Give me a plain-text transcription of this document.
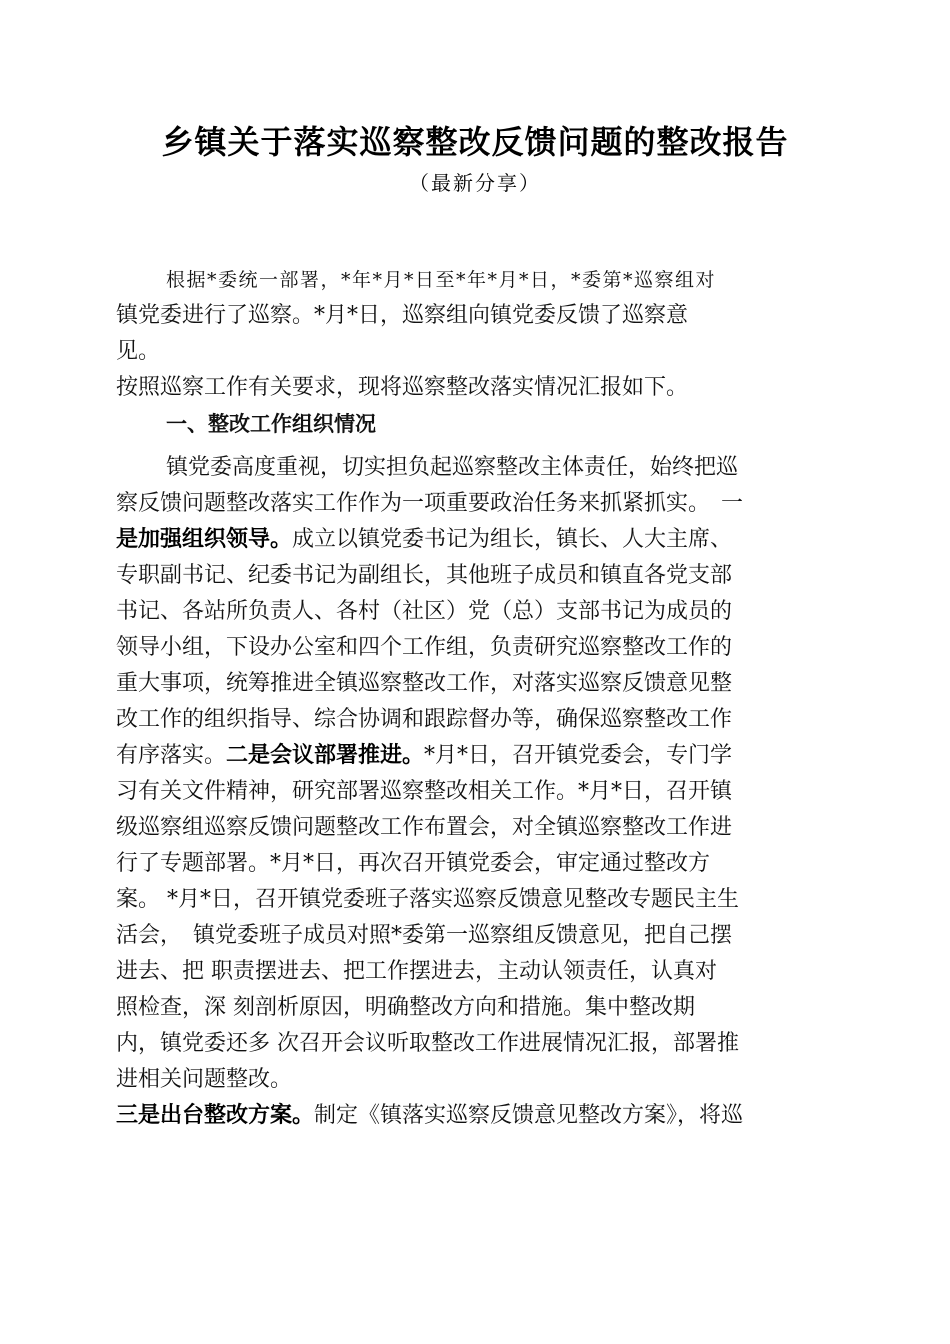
乡镇关于落实巡察整改反馈问题的整改报告
（最新分享）
根据*委统一部署，*年*月*日至*年*月*日，*委第*巡察组对
镇党委进行了巡察。*月*日，巡察组向镇党委反馈了巡察意
见。
按照巡察工作有关要求，现将巡察整改落实情况汇报如下。
一、整改工作组织情况
镇党委高度重视，切实担负起巡察整改主体责任，始终把巡
察反馈问题整改落实工作作为一项重要政治任务来抓紧抓实。　一
是加强组织领导。成立以镇党委书记为组长，镇长、人大主席、
专职副书记、纪委书记为副组长，其他班子成员和镇直各党支部
书记、各站所负责人、各村（社区）党（总）支部书记为成员的
领导小组，下设办公室和四个工作组，负责研究巡察整改工作的
重大事项，统筹推进全镇巡察整改工作，对落实巡察反馈意见整
改工作的组织指导、综合协调和跟踪督办等，确保巡察整改工作
有序落实。二是会议部署推进。*月*日，召开镇党委会，专门学
习有关文件精神，研究部署巡察整改相关工作。*月*日，召开镇
级巡察组巡察反馈问题整改工作布置会，对全镇巡察整改工作进
行了专题部署。*月*日，再次召开镇党委会，审定通过整改方
案。 *月*日，召开镇党委班子落实巡察反馈意见整改专题民主生
活会，　镇党委班子成员对照*委第一巡察组反馈意见，把自己摆
进去、把 职责摆进去、把工作摆进去，主动认领责任，认真对
照检查，深 刻剖析原因，明确整改方向和措施。集中整改期
内，镇党委还多 次召开会议听取整改工作进展情况汇报，部署推
进相关问题整改。
三是出台整改方案。制定《镇落实巡察反馈意见整改方案》，将巡
